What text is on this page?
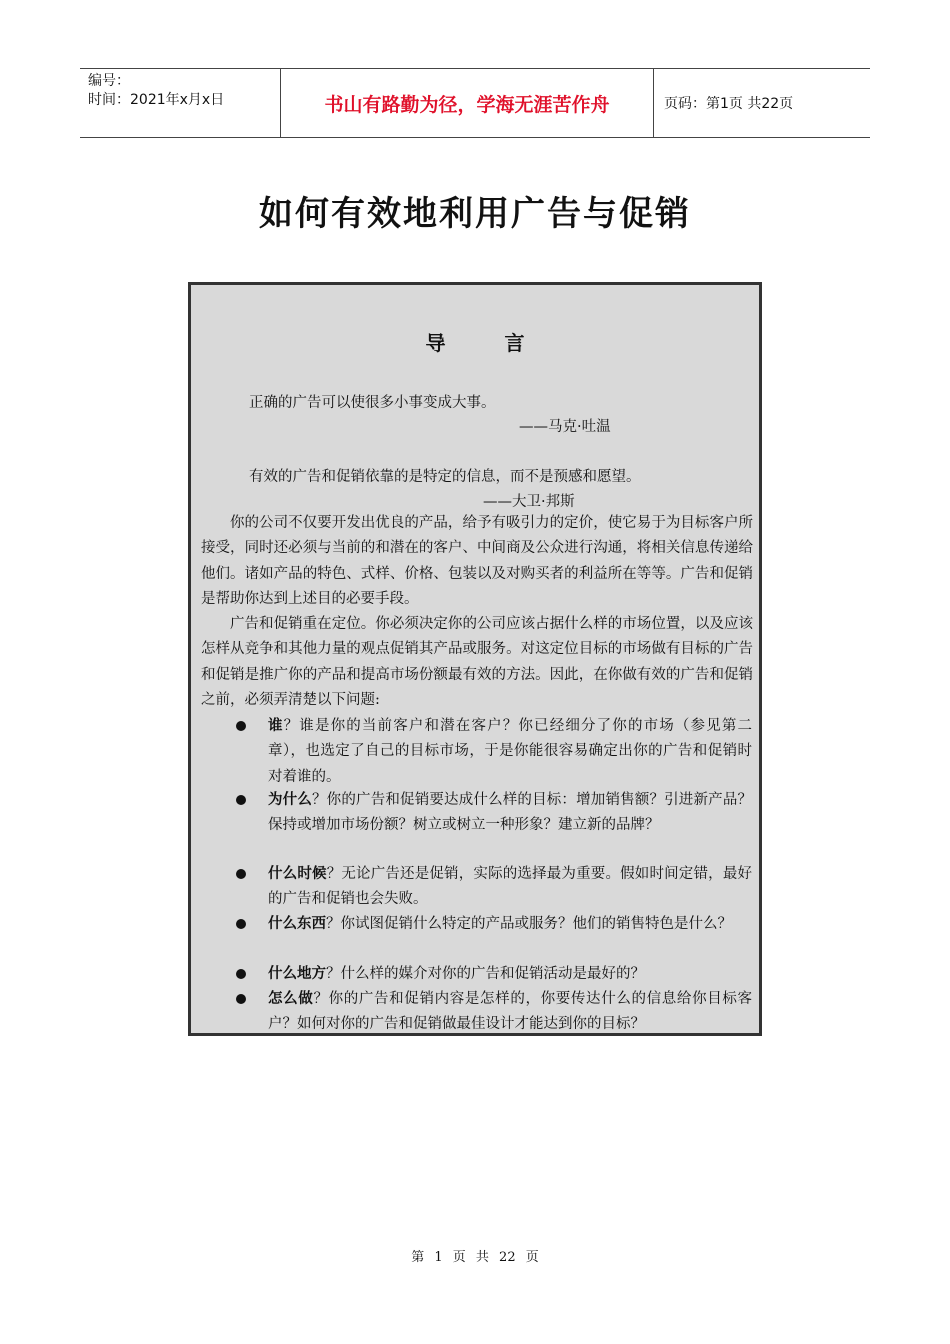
编号：
时间：2021年x月x日	书山有路勤为径，学海无涯苦作舟	页码：第1页 共22页
如何有效地利用广告与促销
导 言
正确的广告可以使很多小事变成大事。
——马克·吐温
有效的广告和促销依靠的是特定的信息，而不是预感和愿望。
——大卫·邦斯
你的公司不仅要开发出优良的产品，给予有吸引力的定价，使它易于为目标客户所接受，同时还必须与当前的和潜在的客户、中间商及公众进行沟通，将相关信息传递给他们。诸如产品的特色、式样、价格、包装以及对购买者的利益所在等等。广告和促销是帮助你达到上述目的必要手段。
广告和促销重在定位。你必须决定你的公司应该占据什么样的市场位置，以及应该怎样从竞争和其他力量的观点促销其产品或服务。对这定位目标的市场做有目标的广告和促销是推广你的产品和提高市场份额最有效的方法。因此，在你做有效的广告和促销之前，必须弄清楚以下问题:
谁？谁是你的当前客户和潜在客户？你已经细分了你的市场（参见第二章），也选定了自己的目标市场，于是你能很容易确定出你的广告和促销时对着谁的。
为什么？你的广告和促销要达成什么样的目标：增加销售额？引进新产品？保持或增加市场份额？树立或树立一种形象？建立新的品牌？
什么时候？无论广告还是促销，实际的选择最为重要。假如时间定错，最好的广告和促销也会失败。
什么东西？你试图促销什么特定的产品或服务？他们的销售特色是什么？
什么地方？什么样的媒介对你的广告和促销活动是最好的？
怎么做？你的广告和促销内容是怎样的，你要传达什么的信息给你目标客户？如何对你的广告和促销做最佳设计才能达到你的目标？
第 1 页 共 22 页
